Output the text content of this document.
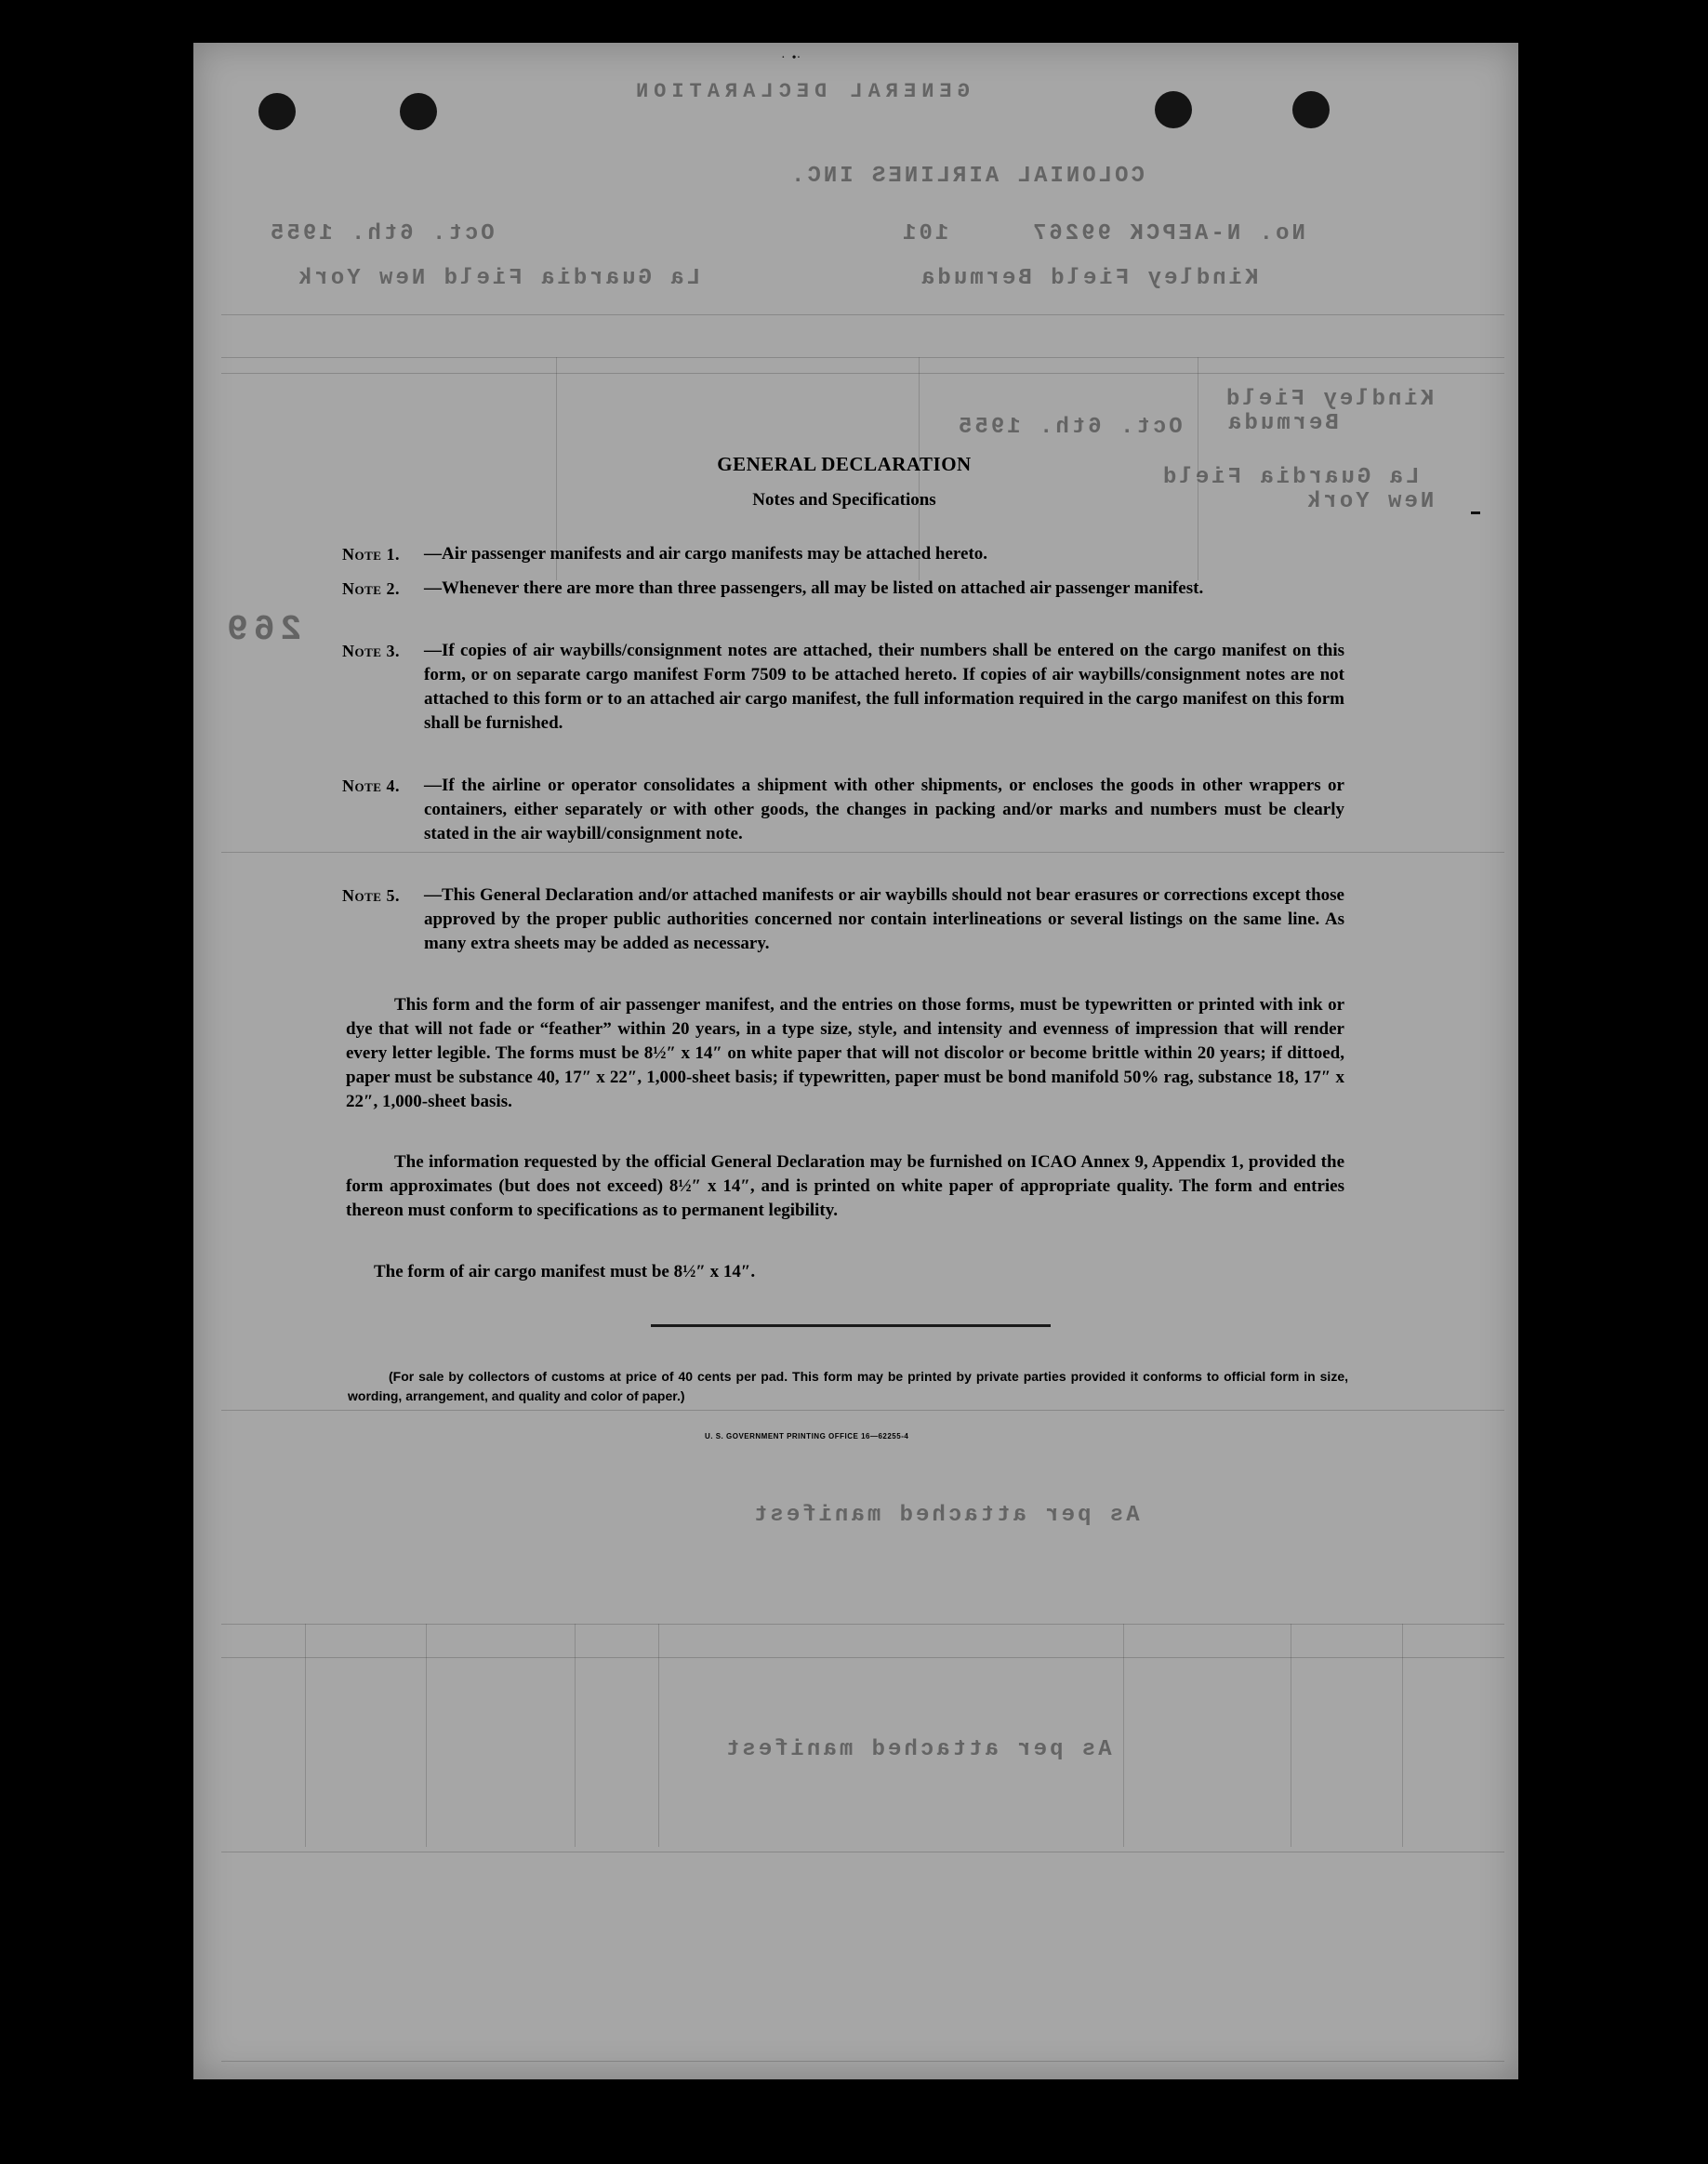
GENERAL DECLARATION
COLONIAL AIRLINES INC.
No. N-AEPCK 99267
101
Oct. 6th. 1955
Kindley Field Bermuda
La Guardia Field New York
Kindley Field
Bermuda
Oct. 6th. 1955
La Guardia Field
New York
269
As per attached manifest
As per attached manifest
·  •·
GENERAL DECLARATION
Notes and Specifications
Note 1. —Air passenger manifests and air cargo manifests may be attached hereto.
Note 2. —Whenever there are more than three passengers, all may be listed on attached air passenger manifest.
Note 3. —If copies of air waybills/consignment notes are attached, their numbers shall be entered on the cargo manifest on this form, or on separate cargo manifest Form 7509 to be attached hereto. If copies of air waybills/consignment notes are not attached to this form or to an attached air cargo manifest, the full information required in the cargo manifest on this form shall be furnished.
Note 4. —If the airline or operator consolidates a shipment with other shipments, or encloses the goods in other wrappers or containers, either separately or with other goods, the changes in packing and/or marks and numbers must be clearly stated in the air waybill/consignment note.
Note 5. —This General Declaration and/or attached manifests or air waybills should not bear erasures or corrections except those approved by the proper public authorities concerned nor contain interlineations or several listings on the same line. As many extra sheets may be added as necessary.
This form and the form of air passenger manifest, and the entries on those forms, must be typewritten or printed with ink or dye that will not fade or “feather” within 20 years, in a type size, style, and intensity and evenness of impression that will render every letter legible. The forms must be 8½″ x 14″ on white paper that will not discolor or become brittle within 20 years; if dittoed, paper must be substance 40, 17″ x 22″, 1,000-sheet basis; if typewritten, paper must be bond manifold 50% rag, substance 18, 17″ x 22″, 1,000-sheet basis.
The information requested by the official General Declaration may be furnished on ICAO Annex 9, Appendix 1, provided the form approximates (but does not exceed) 8½″ x 14″, and is printed on white paper of appropriate quality. The form and entries thereon must conform to specifications as to permanent legibility.
The form of air cargo manifest must be 8½″ x 14″.
(For sale by collectors of customs at price of 40 cents per pad. This form may be printed by private parties provided it conforms to official form in size, wording, arrangement, and quality and color of paper.)
U. S. GOVERNMENT PRINTING OFFICE 16—62255-4
